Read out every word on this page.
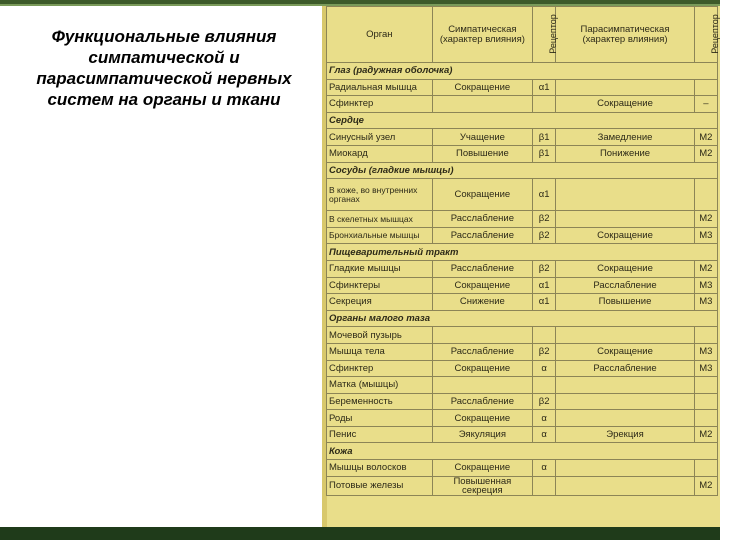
Функциональные влияния симпатической и парасимпатической нервных систем на органы и ткани
Орган	Симпатическая (характер влияния)	Рецептор	Парасимпатическая (характер влияния)	Рецептор
Глаз (радужная оболочка)				
Радиальная мышца	Сокращение	α1		
Сфинктер			Сокращение	–
Сердце				
Синусный узел	Учащение	β1	Замедление	M2
Миокард	Повышение	β1	Понижение	M2
Сосуды (гладкие мышцы)				
В коже, во внутренних органах	Сокращение	α1		
В скелетных мышцах	Расслабление	β2		M2
Бронхиальные мышцы	Расслабление	β2	Сокращение	M3
Пищеварительный тракт				
Гладкие мышцы	Расслабление	β2	Сокращение	M2
Сфинктеры	Сокращение	α1	Расслабление	M3
Секреция	Снижение	α1	Повышение	M3
Органы малого таза				
Мочевой пузырь				
Мышца тела	Расслабление	β2	Сокращение	M3
Сфинктер	Сокращение	α	Расслабление	M3
Матка (мышцы)				
Беременность	Расслабление	β2		
Роды	Сокращение	α		
Пенис	Эякуляция	α	Эрекция	M2
Кожа				
Мышцы волосков	Сокращение	α		
Потовые железы	Повышенная секреция			M2
